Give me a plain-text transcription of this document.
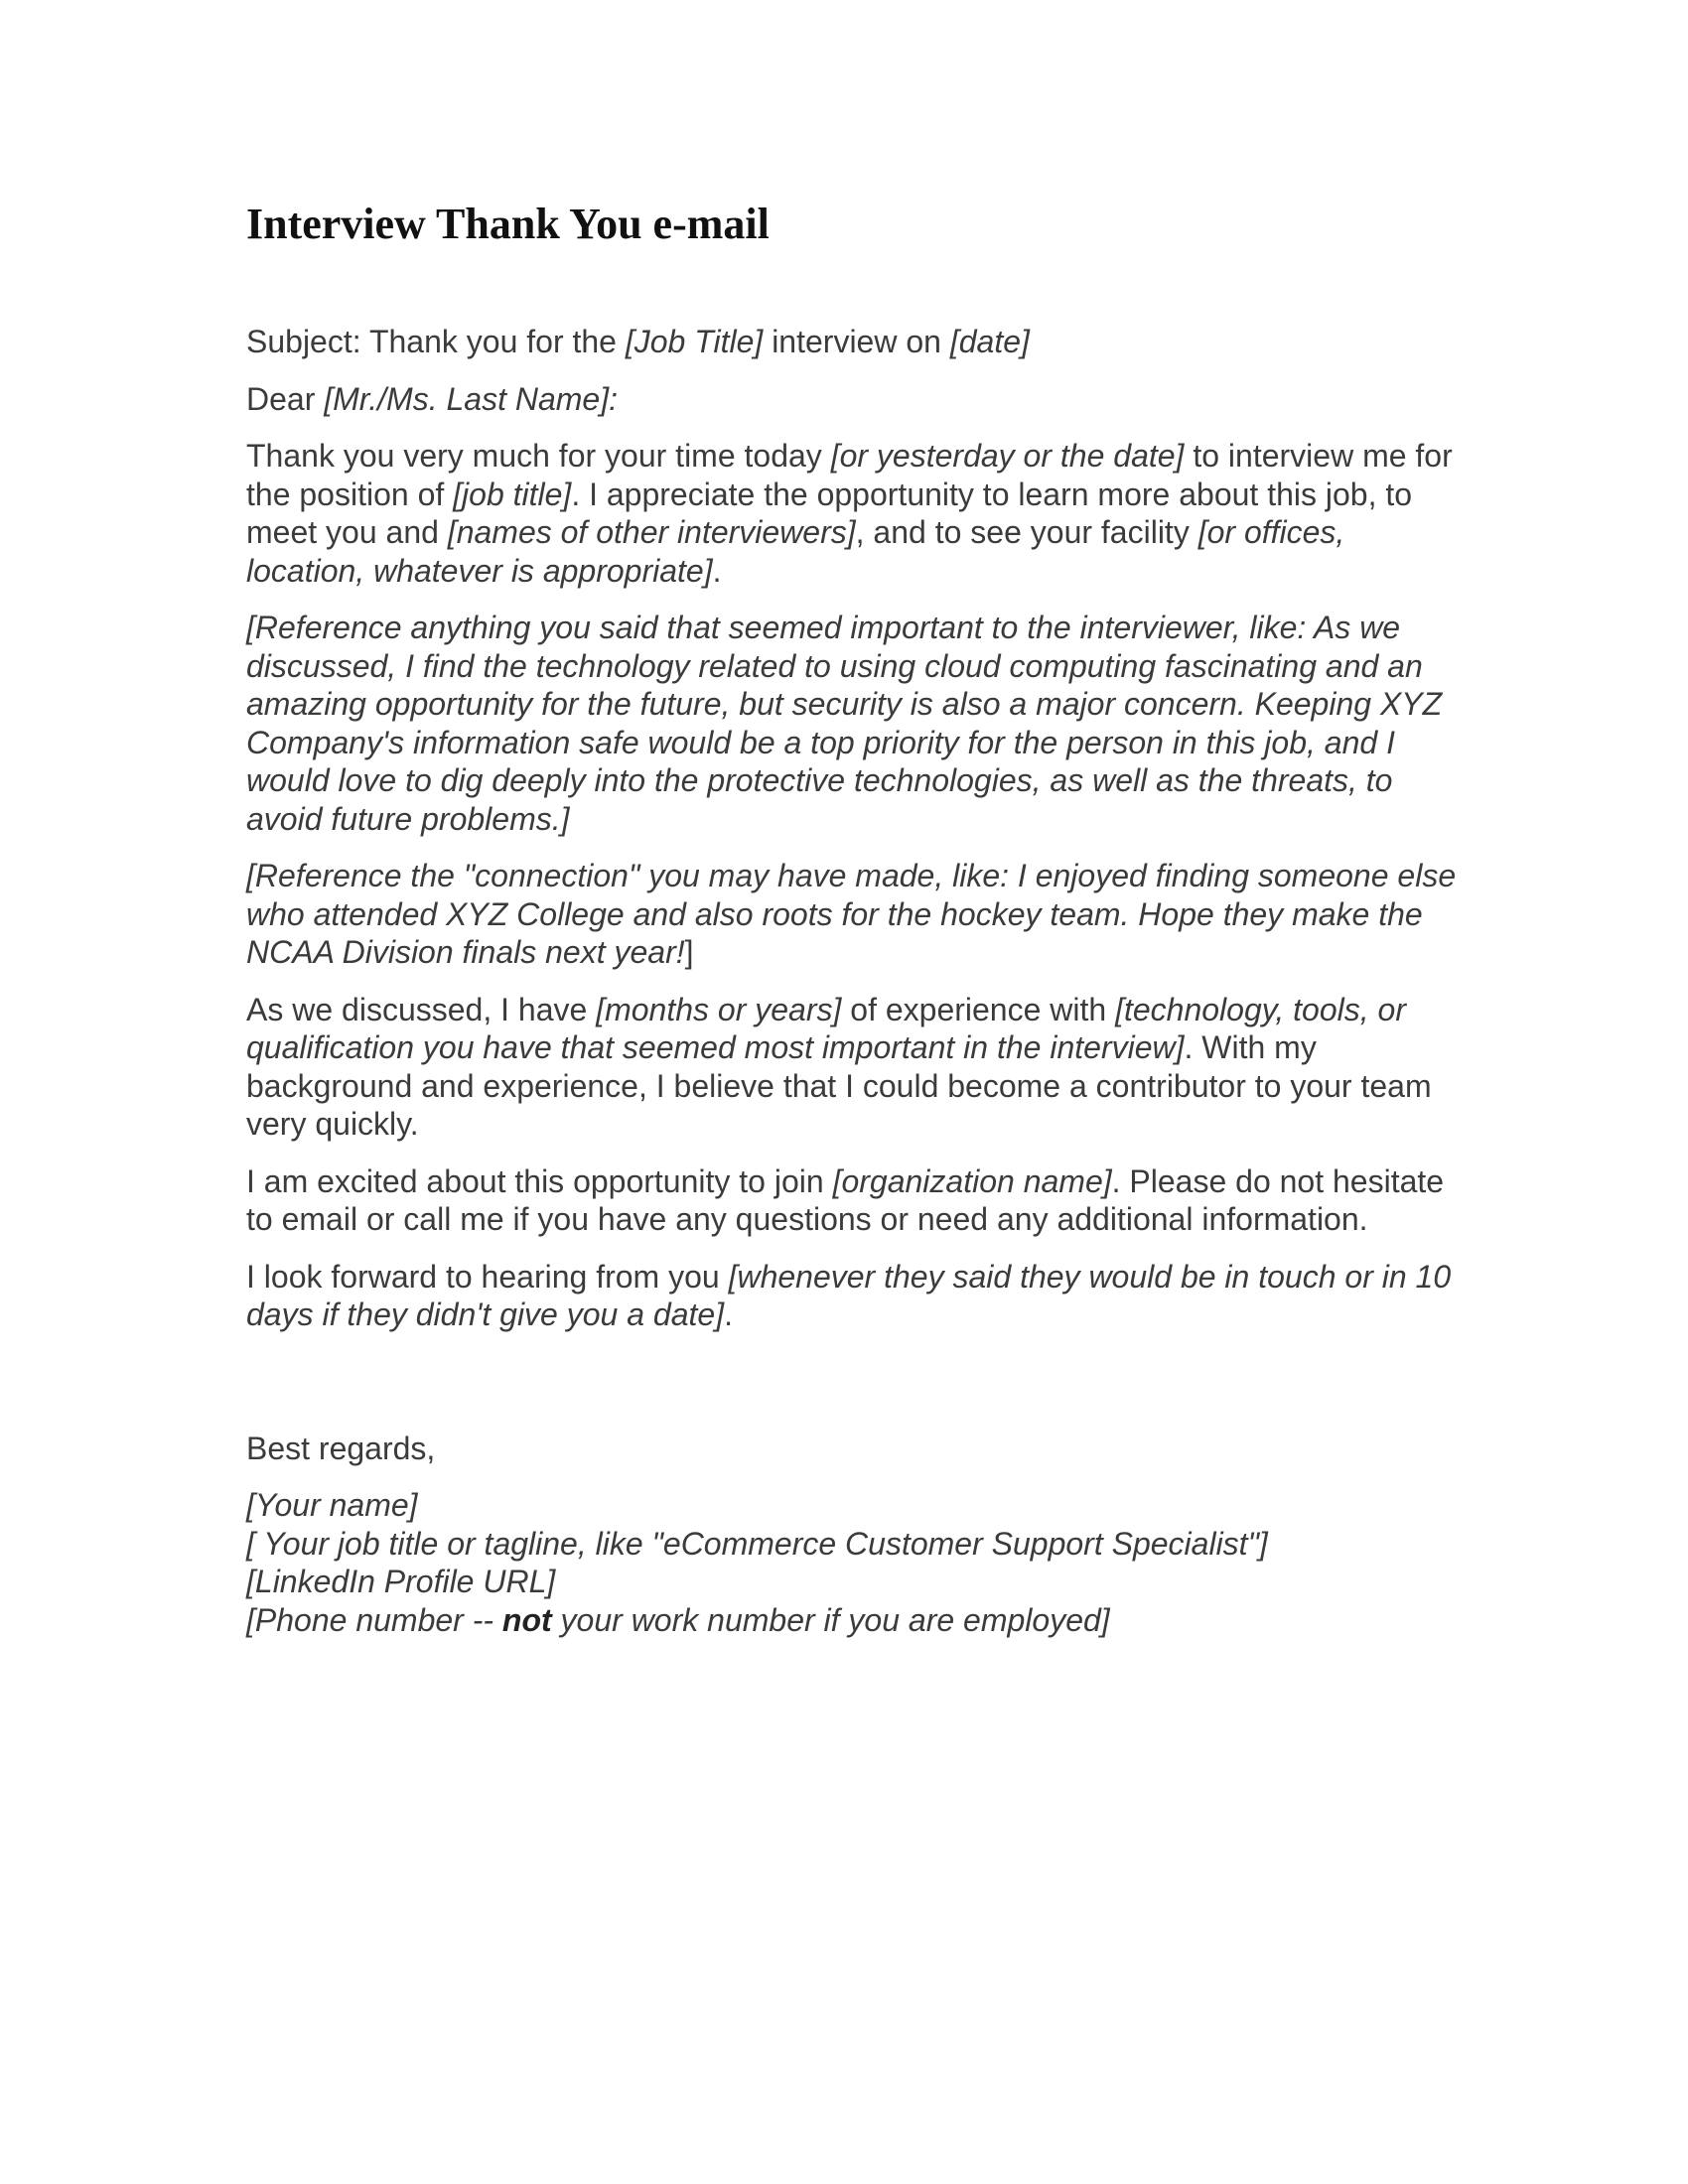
Interview Thank You e-mail

Subject: Thank you for the [Job Title] interview on [date]

Dear [Mr./Ms. Last Name]:

Thank you very much for your time today [or yesterday or the date] to interview me for the position of [job title]. I appreciate the opportunity to learn more about this job, to meet you and [names of other interviewers], and to see your facility [or offices, location, whatever is appropriate].

[Reference anything you said that seemed important to the interviewer, like: As we discussed, I find the technology related to using cloud computing fascinating and an amazing opportunity for the future, but security is also a major concern. Keeping XYZ Company's information safe would be a top priority for the person in this job, and I would love to dig deeply into the protective technologies, as well as the threats, to avoid future problems.]

[Reference the "connection" you may have made, like: I enjoyed finding someone else who attended XYZ College and also roots for the hockey team. Hope they make the NCAA Division finals next year!]

As we discussed, I have [months or years] of experience with [technology, tools, or qualification you have that seemed most important in the interview]. With my background and experience, I believe that I could become a contributor to your team very quickly.

I am excited about this opportunity to join [organization name]. Please do not hesitate to email or call me if you have any questions or need any additional information.

I look forward to hearing from you [whenever they said they would be in touch or in 10 days if they didn't give you a date].

Best regards,

[Your name]
[ Your job title or tagline, like "eCommerce Customer Support Specialist"]
[LinkedIn Profile URL]
[Phone number -- not your work number if you are employed]
